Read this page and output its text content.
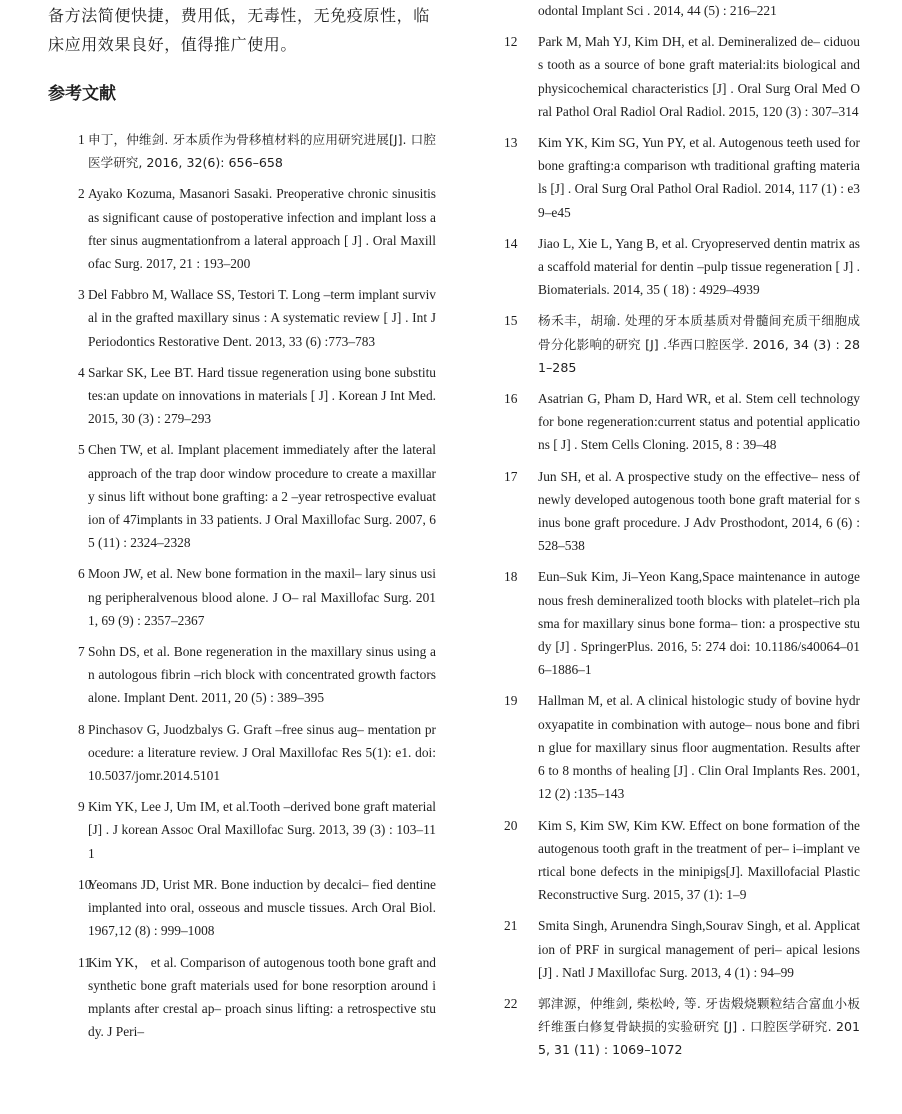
备方法简便快捷，费用低，无毒性，无免疫原性，临床应用效果良好，值得推广使用。

参考文献
1 申丁，仲维剑. 牙本质作为骨移植材料的应用研究进展[J]. 口腔医学研究, 2016, 32(6): 656–658
2 Ayako Kozuma, Masanori Sasaki. Preoperative chronic sinusitis as significant cause of postoperative infection and implant loss after sinus augmentationfrom a lateral approach [ J] . Oral Maxillofac Surg. 2017, 21 : 193–200
3 Del Fabbro M, Wallace SS, Testori T. Long –term implant survival in the grafted maxillary sinus : A systematic review [ J] . Int J Periodontics Restorative Dent. 2013, 33 (6) :773–783
4 Sarkar SK, Lee BT. Hard tissue regeneration using bone substitutes:an update on innovations in materials [ J] . Korean J Int Med. 2015, 30 (3) : 279–293
5 Chen TW, et al. Implant placement immediately after the lateral approach of the trap door window procedure to create a maxillary sinus lift without bone grafting: a 2 –year retrospective evaluation of 47implants in 33 patients. J Oral Maxillofac Surg. 2007, 65 (11) : 2324–2328
6 Moon JW, et al. New bone formation in the maxil– lary sinus using peripheralvenous blood alone. J O– ral Maxillofac Surg. 2011, 69 (9) : 2357–2367
7 Sohn DS, et al. Bone regeneration in the maxillary sinus using an autologous fibrin –rich block with concentrated growth factors alone. Implant Dent. 2011, 20 (5) : 389–395
8 Pinchasov G, Juodzbalys G. Graft –free sinus aug– mentation procedure: a literature review. J Oral Maxillofac Res 5(1): e1. doi:10.5037/jomr.2014.5101
9 Kim YK, Lee J, Um IM, et al.Tooth –derived bone graft material [J] . J korean Assoc Oral Maxillofac Surg. 2013, 39 (3) : 103–111
10
Yeomans JD, Urist MR. Bone induction by decalci– fied dentine implanted into oral, osseous and muscle tissues. Arch Oral Biol. 1967,12 (8) : 999–1008
11
Kim YK， et al. Comparison of autogenous tooth bone graft and synthetic bone graft materials used for bone resorption around implants after crestal ap– proach sinus lifting: a retrospective study. J Peri–
odontal Implant Sci . 2014, 44 (5) : 216–221
12	Park M, Mah YJ, Kim DH, et al. Demineralized de– ciduous tooth as a source of bone graft material:its biological and physicochemical characteristics [J] . Oral Surg Oral Med Oral Pathol Oral Radiol Oral Radiol. 2015, 120 (3) : 307–314
13	Kim YK, Kim SG, Yun PY, et al. Autogenous teeth used for bone grafting:a comparison wth traditional grafting materials [J] . Oral Surg Oral Pathol Oral Radiol. 2014, 117 (1) : e39–e45
14	Jiao L, Xie L, Yang B, et al. Cryopreserved dentin matrix as a scaffold material for dentin –pulp tissue regeneration [ J] . Biomaterials. 2014, 35 ( 18) : 4929–4939
15	杨禾丰，胡瑜. 处理的牙本质基质对骨髓间充质干细胞成骨分化影响的研究 [J] .华西口腔医学. 2016, 34 (3) : 281–285
16	Asatrian G, Pham D, Hard WR, et al. Stem cell technology for bone regeneration:current status and potential applications [ J] . Stem Cells Cloning. 2015, 8 : 39–48
17	Jun SH, et al. A prospective study on the effective– ness of newly developed autogenous tooth bone graft material for sinus bone graft procedure. J Adv Prosthodont, 2014, 6 (6) : 528–538
18	Eun–Suk Kim, Ji–Yeon Kang,Space maintenance in autogenous fresh demineralized tooth blocks with platelet–rich plasma for maxillary sinus bone forma– tion: a prospective study [J] . SpringerPlus. 2016, 5: 274 doi: 10.1186/s40064–016–1886–1
19	Hallman M, et al. A clinical histologic study of bovine hydroxyapatite in combination with autoge– nous bone and fibrin glue for maxillary sinus floor augmentation. Results after 6 to 8 months of healing [J] . Clin Oral Implants Res. 2001,12 (2) :135–143
20	Kim S, Kim SW, Kim KW. Effect on bone formation of the autogenous tooth graft in the treatment of per– i–implant vertical bone defects in the minipigs[J]. Maxillofacial Plastic Reconstructive Surg. 2015, 37 (1): 1–9
21	Smita Singh, Arunendra Singh,Sourav Singh, et al. Application of PRF in surgical management of peri– apical lesions [J] . Natl J Maxillofac Surg. 2013, 4 (1) : 94–99
22	郭津源，仲维剑, 柴松岭, 等. 牙齿煅烧颗粒结合富血小板纤维蛋白修复骨缺损的实验研究 [J] . 口腔医学研究. 2015, 31 (11) : 1069–1072
